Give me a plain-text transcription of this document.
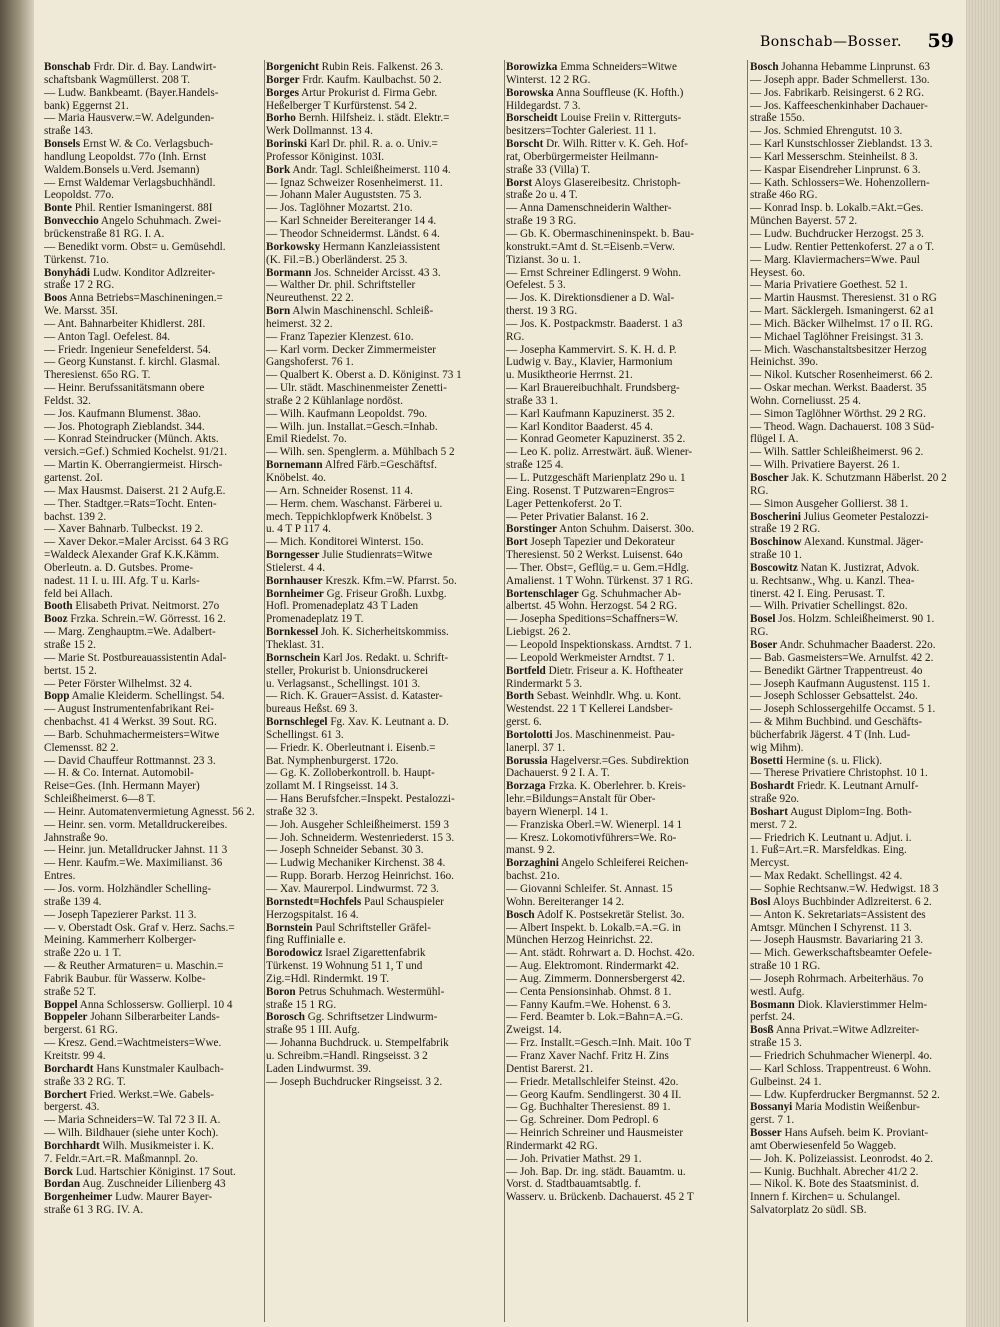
Bonschab—Bosser. 59
Bonschab Frdr. Dir. d. Bay. Landwirt-
schaftsbank Wagmüllerst. 208 T.
— Ludw. Bankbeamt. (Bayer.Handels-
bank) Eggernst 21.
— Maria Hausverw.=W. Adelgunden-
straße 143.
Bonsels Ernst W. & Co. Verlagsbuch-
handlung Leopoldst. 77o (Inh. Ernst
Waldem.Bonsels u.Verd. Jsemann)
— Ernst Waldemar Verlagsbuchhändl.
Leopoldst. 77o.
Bonte Phil. Rentier Ismaningerst. 88I
Bonvecchio Angelo Schuhmach. Zwei-
brückenstraße 81 RG. I. A.
— Benedikt vorm. Obst= u. Gemüsehdl.
Türkenst. 71o.
Bonyhádi Ludw. Konditor Adlzreiter-
straße 17 2 RG.
Boos Anna Betriebs=Maschineningen.=
We. Marsst. 35I.
— Ant. Bahnarbeiter Khidlerst. 28I.
— Anton Tagl. Oefelest. 84.
— Friedr. Ingenieur Senefelderst. 54.
— Georg Kunstanst. f. kirchl. Glasmal.
Theresienst. 65o RG. T.
— Heinr. Berufssanitätsmann obere
Feldst. 32.
— Jos. Kaufmann Blumenst. 38ao.
— Jos. Photograph Zieblandst. 344.
— Konrad Steindrucker (Münch. Akts.
versich.=Gef.) Schmied Kochelst. 91/21.
— Martin K. Oberrangiermeist. Hirsch-
gartenst. 2oI.
— Max Hausmst. Daiserst. 21 2 Aufg.E.
— Ther. Stadtger.=Rats=Tocht. Enten-
bachst. 139 2.
— Xaver Bahnarb. Tulbeckst. 19 2.
— Xaver Dekor.=Maler Arcisst. 64 3 RG
=Waldeck Alexander Graf K.K.Kämm.
Oberleutn. a. D. Gutsbes. Prome-
nadest. 11 I. u. III. Afg. T u. Karls-
feld bei Allach.
Booth Elisabeth Privat. Neitmorst. 27o
Booz Frzka. Schrein.=W. Görresst. 16 2.
— Marg. Zenghauptm.=We. Adalbert-
straße 15 2.
— Marie St. Postbureauassistentin Adal-
bertst. 15 2.
— Peter Förster Wilhelmst. 32 4.
Bopp Amalie Kleiderm. Schellingst. 54.
— August Instrumentenfabrikant Rei-
chenbachst. 41 4 Werkst. 39 Sout. RG.
— Barb. Schuhmachermeisters=Witwe
Clemensst. 82 2.
— David Chauffeur Rottmannst. 23 3.
— H. & Co. Internat. Automobil-
Reise=Ges. (Inh. Hermann Mayer)
Schleißheimerst. 6—8 T.
— Heinr. Automatenvermietung Agnesst. 56 2.
— Heinr. sen. vorm. Metalldruckereibes.
Jahnstraße 9o.
— Heinr. jun. Metalldrucker Jahnst. 11 3
— Henr. Kaufm.=We. Maximilianst. 36
Entres.
— Jos. vorm. Holzhändler Schelling-
straße 139 4.
— Joseph Tapezierer Parkst. 11 3.
— v. Oberstadt Osk. Graf v. Herz. Sachs.=
Meining. Kammerherr Kolberger-
straße 22o u. 1 T.
— & Reuther Armaturen= u. Maschin.=
Fabrik Baubur. für Wasserw. Kolbe-
straße 52 T.
Boppel Anna Schlossersw. Gollierpl. 10 4
Boppeler Johann Silberarbeiter Lands-
bergerst. 61 RG.
— Kresz. Gend.=Wachtmeisters=Wwe.
Kreitstr. 99 4.
Borchardt Hans Kunstmaler Kaulbach-
straße 33 2 RG. T.
Borchert Fried. Werkst.=We. Gabels-
bergerst. 43.
— Maria Schneiders=W. Tal 72 3 II. A.
— Wilh. Bildhauer (siehe unter Koch).
Borchhardt Wilh. Musikmeister i. K.
7. Feldr.=Art.=R. Maßmannpl. 2o.
Borck Lud. Hartschier Königinst. 17 Sout.
Bordan Aug. Zuschneider Lilienberg 43
Borgenheimer Ludw. Maurer Bayer-
straße 61 3 RG. IV. A.
Borgenicht Rubin Reis. Falkenst. 26 3.
Borger Frdr. Kaufm. Kaulbachst. 50 2.
Borges Artur Prokurist d. Firma Gebr.
Heßelberger T Kurfürstenst. 54 2.
Borho Bernh. Hilfsheiz. i. städt. Elektr.=
Werk Dollmannst. 13 4.
Borinski Karl Dr. phil. R. a. o. Univ.=
Professor Königinst. 103I.
Bork Andr. Tagl. Schleißheimerst. 110 4.
— Ignaz Schweizer Rosenheimerst. 11.
— Johann Maler Auguststen. 75 3.
— Jos. Taglöhner Mozartst. 21o.
— Karl Schneider Bereiteranger 14 4.
— Theodor Schneidermst. Ländst. 6 4.
Borkowsky Hermann Kanzleiassistent
(K. Fil.=B.) Oberländerst. 25 3.
Bormann Jos. Schneider Arcisst. 43 3.
— Walther Dr. phil. Schriftsteller
Neureuthenst. 22 2.
Born Alwin Maschinenschl. Schleiß-
heimerst. 32 2.
— Franz Tapezier Klenzest. 61o.
— Karl vorm. Decker Zimmermeister
Gangshoferst. 76 1.
— Qualbert K. Oberst a. D. Königinst. 73 1
— Ulr. städt. Maschinenmeister Zenetti-
straße 2 2 Kühlanlage nordöst.
— Wilh. Kaufmann Leopoldst. 79o.
— Wilh. jun. Installat.=Gesch.=Inhab.
Emil Riedelst. 7o.
— Wilh. sen. Spenglerm. a. Mühlbach 5 2
Bornemann Alfred Färb.=Geschäftsf.
Knöbelst. 4o.
— Arn. Schneider Rosenst. 11 4.
— Herm. chem. Waschanst. Färberei u.
mech. Teppichklopfwerk Knöbelst. 3
u. 4 T P 117 4.
— Mich. Konditorei Winterst. 15o.
Borngesser Julie Studienrats=Witwe
Stielerst. 4 4.
Bornhauser Kreszk. Kfm.=W. Pfarrst. 5o.
Bornheimer Gg. Friseur Großh. Luxbg.
Hofl. Promenadeplatz 43 T Laden
Promenadeplatz 19 T.
Bornkessel Joh. K. Sicherheitskommiss.
Theklast. 31.
Bornschein Karl Jos. Redakt. u. Schrift-
steller, Prokurist b. Unionsdruckerei
u. Verlagsanst., Schellingst. 101 3.
— Rich. K. Grauer=Assist. d. Kataster-
bureaus Heßst. 69 3.
Bornschlegel Fg. Xav. K. Leutnant a. D.
Schellingst. 61 3.
— Friedr. K. Oberleutnant i. Eisenb.=
Bat. Nymphenburgerst. 172o.
— Gg. K. Zolloberkontroll. b. Haupt-
zollamt M. I Ringseisst. 14 3.
— Hans Berufsfcher.=Inspekt. Pestalozzi-
straße 32 3.
— Joh. Ausgeher Schleißheimerst. 159 3
— Joh. Schneiderm. Westenriederst. 15 3.
— Joseph Schneider Sebanst. 30 3.
— Ludwig Mechaniker Kirchenst. 38 4.
— Rupp. Borarb. Herzog Heinrichst. 16o.
— Xav. Maurerpol. Lindwurmst. 72 3.
Bornstedt=Hochfels Paul Schauspieler
Herzogspitalst. 16 4.
Bornstein Paul Schriftsteller Gräfel-
fing Ruffinialle e.
Borodowicz Israel Zigarettenfabrik
Türkenst. 19 Wohnung 51 1, T und
Zig.=Hdl. Rindermkt. 19 T.
Boron Petrus Schuhmach. Westermühl-
straße 15 1 RG.
Borosch Gg. Schriftsetzer Lindwurm-
straße 95 1 III. Aufg.
— Johanna Buchdruck. u. Stempelfabrik
u. Schreibm.=Handl. Ringseisst. 3 2
Laden Lindwurmst. 39.
— Joseph Buchdrucker Ringseisst. 3 2.
Borowizka Emma Schneiders=Witwe
Winterst. 12 2 RG.
Borowska Anna Souffleuse (K. Hofth.)
Hildegardst. 7 3.
Borscheidt Louise Freiin v. Ritterguts-
besitzers=Tochter Galeriest. 11 1.
Borscht Dr. Wilh. Ritter v. K. Geh. Hof-
rat, Oberbürgermeister Heilmann-
straße 33 (Villa) T.
Borst Aloys Glasereibesitz. Christoph-
straße 2o u. 4 T.
— Anna Damenschneiderin Walther-
straße 19 3 RG.
— Gb. K. Obermaschineninspekt. b. Bau-
konstrukt.=Amt d. St.=Eisenb.=Verw.
Tizianst. 3o u. 1.
— Ernst Schreiner Edlingerst. 9 Wohn.
Oefelest. 5 3.
— Jos. K. Direktionsdiener a D. Wal-
therst. 19 3 RG.
— Jos. K. Postpackmstr. Baaderst. 1 a3
RG.
— Josepha Kammervirt. S. K. H. d. P.
Ludwig v. Bay., Klavier, Harmonium
u. Musiktheorie Herrnst. 21.
— Karl Brauereibuchhalt. Frundsberg-
straße 33 1.
— Karl Kaufmann Kapuzinerst. 35 2.
— Karl Konditor Baaderst. 45 4.
— Konrad Geometer Kapuzinerst. 35 2.
— Leo K. poliz. Arrestwärt. äuß. Wiener-
straße 125 4.
— L. Putzgeschäft Marienplatz 29o u. 1
Eing. Rosenst. T Putzwaren=Engros=
Lager Pettenkoferst. 2o T.
— Peter Privatier Balanst. 16 2.
Borstinger Anton Schuhm. Daiserst. 30o.
Bort Joseph Tapezier und Dekorateur
Theresienst. 50 2 Werkst. Luisenst. 64o
— Ther. Obst=, Geflüg.= u. Gem.=Hdlg.
Amalienst. 1 T Wohn. Türkenst. 37 1 RG.
Bortenschlager Gg. Schuhmacher Ab-
albertst. 45 Wohn. Herzogst. 54 2 RG.
— Josepha Speditions=Schaffners=W.
Liebigst. 26 2.
— Leopold Inspektionskass. Arndtst. 7 1.
— Leopold Werkmeister Arndtst. 7 1.
Bortfeld Dietr. Friseur a. K. Hoftheater
Rindermarkt 5 3.
Borth Sebast. Weinhdlr. Whg. u. Kont.
Westendst. 22 1 T Kellerei Landsber-
gerst. 6.
Bortolotti Jos. Maschinenmeist. Pau-
lanerpl. 37 1.
Borussia Hagelversr.=Ges. Subdirektion
Dachauerst. 9 2 I. A. T.
Borzaga Frzka. K. Oberlehrer. b. Kreis-
lehr.=Bildungs=Anstalt für Ober-
bayern Wienerpl. 14 1.
— Franziska Oberl.=W. Wienerpl. 14 1
— Kresz. Lokomotivführers=We. Ro-
manst. 9 2.
Borzaghini Angelo Schleiferei Reichen-
bachst. 21o.
— Giovanni Schleifer. St. Annast. 15
Wohn. Bereiteranger 14 2.
Bosch Adolf K. Postsekretär Stelist. 3o.
— Albert Inspekt. b. Lokalb.=A.=G. in
München Herzog Heinrichst. 22.
— Ant. städt. Rohrwart a. D. Hochst. 42o.
— Aug. Elektromont. Rindermarkt 42.
— Aug. Zimmerm. Donnersbergerst 42.
— Centa Pensionsinhab. Ohmst. 8 1.
— Fanny Kaufm.=We. Hohenst. 6 3.
— Ferd. Beamter b. Lok.=Bahn=A.=G.
Zweigst. 14.
— Frz. Installt.=Gesch.=Inh. Mait. 10o T
— Franz Xaver Nachf. Fritz H. Zins
Dentist Barerst. 21.
— Friedr. Metallschleifer Steinst. 42o.
— Georg Kaufm. Sendlingerst. 30 4 II.
— Gg. Buchhalter Theresienst. 89 1.
— Gg. Schreiner. Dom Pedropl. 6
— Heinrich Schreiner und Hausmeister
Rindermarkt 42 RG.
— Joh. Privatier Mathst. 29 1.
— Joh. Bap. Dr. ing. städt. Bauamtm. u.
Vorst. d. Stadtbauamtsabtlg. f.
Wasserv. u. Brückenb. Dachauerst. 45 2 T
Bosch Johanna Hebamme Linprunst. 63
— Joseph appr. Bader Schmellerst. 13o.
— Jos. Fabrikarb. Reisingerst. 6 2 RG.
— Jos. Kaffeeschenkinhaber Dachauer-
straße 155o.
— Jos. Schmied Ehrengutst. 10 3.
— Karl Kunstschlosser Zieblandst. 13 3.
— Karl Messerschm. Steinheilst. 8 3.
— Kaspar Eisendreher Linprunst. 6 3.
— Kath. Schlossers=We. Hohenzollern-
straße 46o RG.
— Konrad Insp. b. Lokalb.=Akt.=Ges.
München Bayerst. 57 2.
— Ludw. Buchdrucker Herzogst. 25 3.
— Ludw. Rentier Pettenkoferst. 27 a o T.
— Marg. Klaviermachers=Wwe. Paul
Heysest. 6o.
— Maria Privatiere Goethest. 52 1.
— Martin Hausmst. Theresienst. 31 o RG
— Mart. Säcklergeh. Ismaningerst. 62 a1
— Mich. Bäcker Wilhelmst. 17 o II. RG.
— Michael Taglöhner Freisingst. 31 3.
— Mich. Waschanstaltsbesitzer Herzog
Heinichst. 39o.
— Nikol. Kutscher Rosenheimerst. 66 2.
— Oskar mechan. Werkst. Baaderst. 35
Wohn. Corneliusst. 25 4.
— Simon Taglöhner Wörthst. 29 2 RG.
— Theod. Wagn. Dachauerst. 108 3 Süd-
flügel I. A.
— Wilh. Sattler Schleißheimerst. 96 2.
— Wilh. Privatiere Bayerst. 26 1.
Boscher Jak. K. Schutzmann Häberlst. 20 2
RG.
— Simon Ausgeher Gollierst. 38 1.
Boscherini Julius Geometer Pestalozzi-
straße 19 2 RG.
Boschinow Alexand. Kunstmal. Jäger-
straße 10 1.
Boscowitz Natan K. Justizrat, Advok.
u. Rechtsanw., Whg. u. Kanzl. Thea-
tinerst. 42 I. Eing. Perusast. T.
— Wilh. Privatier Schellingst. 82o.
Bosel Jos. Holzm. Schleißheimerst. 90 1.
RG.
Boser Andr. Schuhmacher Baaderst. 22o.
— Bab. Gasmeisters=We. Arnulfst. 42 2.
— Benedikt Gärtner Trappentreust. 4o
— Joseph Kaufmann Augustenst. 115 1.
— Joseph Schlosser Gebsattelst. 24o.
— Joseph Schlossergehilfe Occamst. 5 1.
— & Mihm Buchbind. und Geschäfts-
bücherfabrik Jägerst. 4 T (Inh. Lud-
wig Mihm).
Bosetti Hermine (s. u. Flick).
— Therese Privatiere Christophst. 10 1.
Boshardt Friedr. K. Leutnant Arnulf-
straße 92o.
Boshart August Diplom=Ing. Both-
merst. 7 2.
— Friedrich K. Leutnant u. Adjut. i.
1. Fuß=Art.=R. Marsfeldkas. Eing.
Mercyst.
— Max Redakt. Schellingst. 42 4.
— Sophie Rechtsanw.=W. Hedwigst. 18 3
Bosl Aloys Buchbinder Adlzreiterst. 6 2.
— Anton K. Sekretariats=Assistent des
Amtsgr. München I Schyrenst. 11 3.
— Joseph Hausmstr. Bavariaring 21 3.
— Mich. Gewerkschaftsbeamter Oefele-
straße 10 1 RG.
— Joseph Rohrmach. Arbeiterhäus. 7o
westl. Aufg.
Bosmann Diok. Klavierstimmer Helm-
perfst. 24.
Bosß Anna Privat.=Witwe Adlzreiter-
straße 15 3.
— Friedrich Schuhmacher Wienerpl. 4o.
— Karl Schloss. Trappentreust. 6 Wohn.
Gulbeinst. 24 1.
— Ldw. Kupferdrucker Bergmannst. 52 2.
Bossanyi Maria Modistin Weißenbur-
gerst. 7 1.
Bosser Hans Aufseh. beim K. Proviant-
amt Oberwiesenfeld 5o Waggeb.
— Joh. K. Polizeiassist. Leonrodst. 4o 2.
— Kunig. Buchhalt. Abrecher 41/2 2.
— Nikol. K. Bote des Staatsminist. d.
Innern f. Kirchen= u. Schulangel.
Salvatorplatz 2o südl. SB.
